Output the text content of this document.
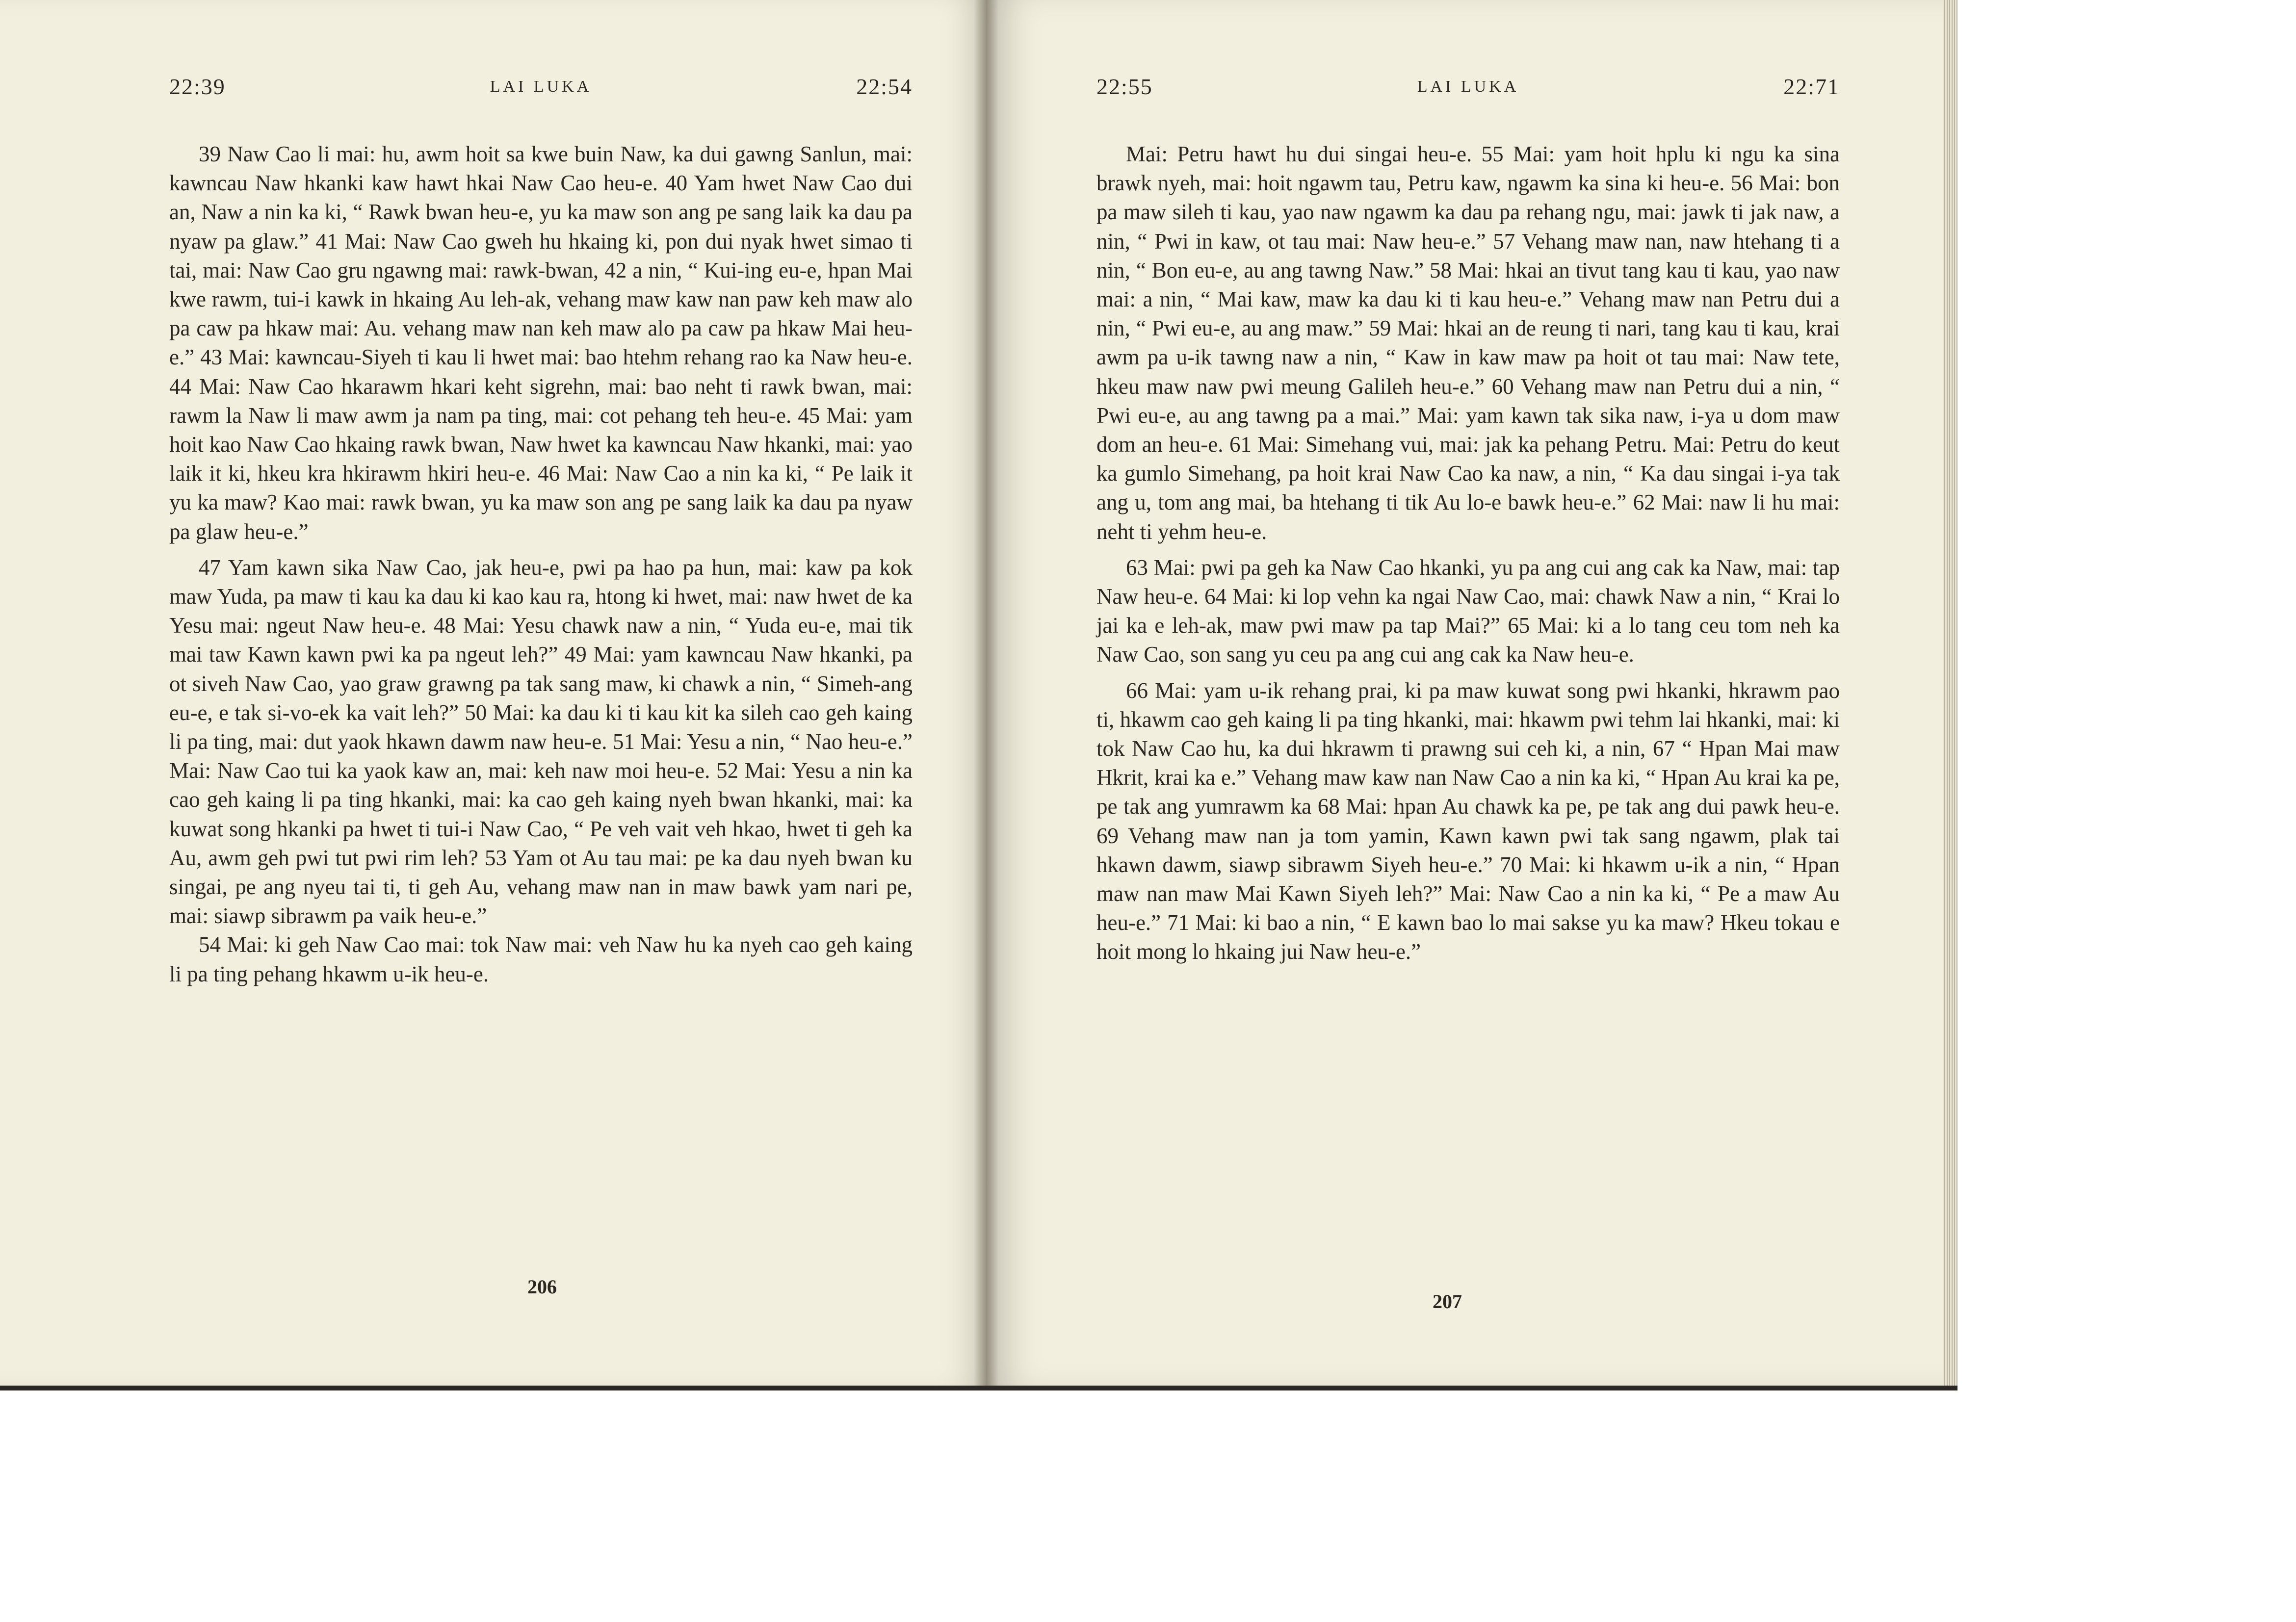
22:39	LAI LUKA	22:54

39 Naw Cao li mai: hu, awm hoit sa kwe buin Naw, ka dui gawng Sanlun, mai: kawncau Naw hkanki kaw hawt hkai Naw Cao heu-e. 40 Yam hwet Naw Cao dui an, Naw a nin ka ki, “ Rawk bwan heu-e, yu ka maw son ang pe sang laik ka dau pa nyaw pa glaw.” 41 Mai: Naw Cao gweh hu hkaing ki, pon dui nyak hwet simao ti tai, mai: Naw Cao gru ngawng mai: rawk-bwan, 42 a nin, “ Kui-ing eu-e, hpan Mai kwe rawm, tui-i kawk in hkaing Au leh-ak, vehang maw kaw nan paw keh maw alo pa caw pa hkaw mai: Au. vehang maw nan keh maw alo pa caw pa hkaw Mai heu-e.” 43 Mai: kawncau-Siyeh ti kau li hwet mai: bao htehm rehang rao ka Naw heu-e. 44 Mai: Naw Cao hkarawm hkari keht sigrehn, mai: bao neht ti rawk bwan, mai: rawm la Naw li maw awm ja nam pa ting, mai: cot pehang teh heu-e. 45 Mai: yam hoit kao Naw Cao hkaing rawk bwan, Naw hwet ka kawncau Naw hkanki, mai: yao laik it ki, hkeu kra hkirawm hkiri heu-e. 46 Mai: Naw Cao a nin ka ki, “ Pe laik it yu ka maw? Kao mai: rawk bwan, yu ka maw son ang pe sang laik ka dau pa nyaw pa glaw heu-e.”

47 Yam kawn sika Naw Cao, jak heu-e, pwi pa hao pa hun, mai: kaw pa kok maw Yuda, pa maw ti kau ka dau ki kao kau ra, htong ki hwet, mai: naw hwet de ka Yesu mai: ngeut Naw heu-e. 48 Mai: Yesu chawk naw a nin, “ Yuda eu-e, mai tik mai taw Kawn kawn pwi ka pa ngeut leh?” 49 Mai: yam kawncau Naw hkanki, pa ot siveh Naw Cao, yao graw grawng pa tak sang maw, ki chawk a nin, “ Simeh-ang eu-e, e tak si-vo-ek ka vait leh?” 50 Mai: ka dau ki ti kau kit ka sileh cao geh kaing li pa ting, mai: dut yaok hkawn dawm naw heu-e. 51 Mai: Yesu a nin, “ Nao heu-e.” Mai: Naw Cao tui ka yaok kaw an, mai: keh naw moi heu-e. 52 Mai: Yesu a nin ka cao geh kaing li pa ting hkanki, mai: ka cao geh kaing nyeh bwan hkanki, mai: ka kuwat song hkanki pa hwet ti tui-i Naw Cao, “ Pe veh vait veh hkao, hwet ti geh ka Au, awm geh pwi tut pwi rim leh? 53 Yam ot Au tau mai: pe ka dau nyeh bwan ku singai, pe ang nyeu tai ti, ti geh Au, vehang maw nan in maw bawk yam nari pe, mai: siawp sibrawm pa vaik heu-e.”

54 Mai: ki geh Naw Cao mai: tok Naw mai: veh Naw hu ka nyeh cao geh kaing li pa ting pehang hkawm u-ik heu-e.

206
22:55	LAI LUKA	22:71

Mai: Petru hawt hu dui singai heu-e. 55 Mai: yam hoit hplu ki ngu ka sina brawk nyeh, mai: hoit ngawm tau, Petru kaw, ngawm ka sina ki heu-e. 56 Mai: bon pa maw sileh ti kau, yao naw ngawm ka dau pa rehang ngu, mai: jawk ti jak naw, a nin, “ Pwi in kaw, ot tau mai: Naw heu-e.” 57 Vehang maw nan, naw htehang ti a nin, “ Bon eu-e, au ang tawng Naw.” 58 Mai: hkai an tivut tang kau ti kau, yao naw mai: a nin, “ Mai kaw, maw ka dau ki ti kau heu-e.” Vehang maw nan Petru dui a nin, “ Pwi eu-e, au ang maw.” 59 Mai: hkai an de reung ti nari, tang kau ti kau, krai awm pa u-ik tawng naw a nin, “ Kaw in kaw maw pa hoit ot tau mai: Naw tete, hkeu maw naw pwi meung Galileh heu-e.” 60 Vehang maw nan Petru dui a nin, “ Pwi eu-e, au ang tawng pa a mai.” Mai: yam kawn tak sika naw, i-ya u dom maw dom an heu-e. 61 Mai: Simehang vui, mai: jak ka pehang Petru. Mai: Petru do keut ka gumlo Simehang, pa hoit krai Naw Cao ka naw, a nin, “ Ka dau singai i-ya tak ang u, tom ang mai, ba htehang ti tik Au lo-e bawk heu-e.” 62 Mai: naw li hu mai: neht ti yehm heu-e.

63 Mai: pwi pa geh ka Naw Cao hkanki, yu pa ang cui ang cak ka Naw, mai: tap Naw heu-e. 64 Mai: ki lop vehn ka ngai Naw Cao, mai: chawk Naw a nin, “ Krai lo jai ka e leh-ak, maw pwi maw pa tap Mai?” 65 Mai: ki a lo tang ceu tom neh ka Naw Cao, son sang yu ceu pa ang cui ang cak ka Naw heu-e.

66 Mai: yam u-ik rehang prai, ki pa maw kuwat song pwi hkanki, hkrawm pao ti, hkawm cao geh kaing li pa ting hkanki, mai: hkawm pwi tehm lai hkanki, mai: ki tok Naw Cao hu, ka dui hkrawm ti prawng sui ceh ki, a nin, 67 “ Hpan Mai maw Hkrit, krai ka e.” Vehang maw kaw nan Naw Cao a nin ka ki, “ Hpan Au krai ka pe, pe tak ang yumrawm ka 68 Mai: hpan Au chawk ka pe, pe tak ang dui pawk heu-e. 69 Vehang maw nan ja tom yamin, Kawn kawn pwi tak sang ngawm, plak tai hkawn dawm, siawp sibrawm Siyeh heu-e.” 70 Mai: ki hkawm u-ik a nin, “ Hpan maw nan maw Mai Kawn Siyeh leh?” Mai: Naw Cao a nin ka ki, “ Pe a maw Au heu-e.” 71 Mai: ki bao a nin, “ E kawn bao lo mai sakse yu ka maw? Hkeu tokau e hoit mong lo hkaing jui Naw heu-e.”

207
